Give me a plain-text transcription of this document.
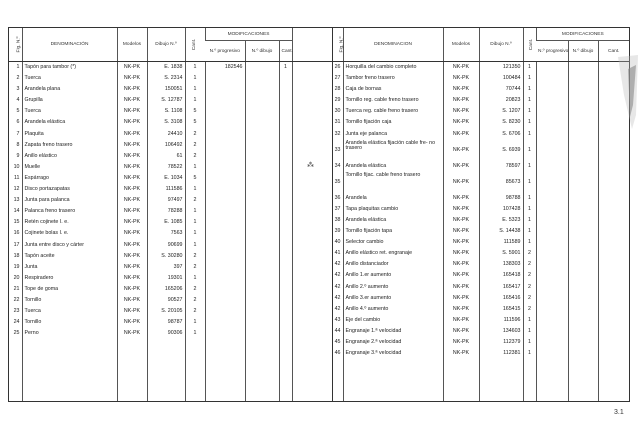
Fig. N.º	DENOMINACIÓN	Modelos	Dibujo N.º	Cant.	MODIFICACIONES			
					N.º progresivo	N.º dibujo	Cant.	
1	Tapón para tambor (*)	NK-PK	E. 1838	1	182546		1	
2	Tuerca	NK-PK	S. 2314	1				
3	Arandela plana	NK-PK	150051	1				
4	Grupilla	NK-PK	S. 12787	1				
5	Tuerca	NK-PK	S. 1108	5				
6	Arandela elástica	NK-PK	S. 3108	5				
7	Plaquita	NK-PK	24410	2				
8	Zapata freno trasero	NK-PK	106492	2				
9	Anillo elástico	NK-PK	61	2				
10	Muelle	NK-PK	78522	1				
11	Espárrago	NK-PK	E. 1034	5				
12	Disco portazapatas	NK-PK	111586	1				
13	Junta para palanca	NK-PK	97497	2				
14	Palanca freno trasero	NK-PK	78288	1				
15	Retén cojinete I. e.	NK-PK	E. 1085	1				
16	Cojinete bolas I. e.	NK-PK	7563	1				
17	Junta entre disco y cárter	NK-PK	90699	1				
18	Tapón aceite	NK-PK	S. 30280	2				
19	Junta	NK-PK	397	2				
20	Respiradero	NK-PK	19301	1				
21	Tope de goma	NK-PK	165206	2				
22	Tornillo	NK-PK	90527	2				
23	Tuerca	NK-PK	S. 20105	2				
24	Tornillo	NK-PK	98787	1				
25	Perno	NK-PK	90306	1				

Fig. N.º	DENOMINACION	Modelos	Dibujo N.º	Cant.	MODIFICACIONES		
					N.º progresivo	N.º dibujo	Cant.
26	Horquilla del cambio completo	NK-PK	121350	1			
27	Tambor freno trasero	NK-PK	100484	1			
28	Caja de bornas	NK-PK	70744	1			
29	Tornillo reg. cable freno trasero	NK-PK	20823	1			
30	Tuerca reg. cable freno trasero	NK-PK	S. 1207	1			
31	Tornillo fijación caja	NK-PK	S. 8230	1			
32	Junta eje palanca	NK-PK	S. 6706	1			
33	Arandela elástica fijación cable fre- no trasero	NK-PK	S. 6939	1			
34	Arandela elástica	NK-PK	78597	1			
35	Tornillo fijac. cable freno trasero	NK-PK	85673	1			
36	Arandela	NK-PK	98788	1			
37	Tapa plaquitas cambio	NK-PK	107428	1			
38	Arandela elástica	NK-PK	E. 5323	1			
39	Tornillo fijación tapa	NK-PK	S. 14438	1			
40	Selector cambio	NK-PK	111589	1			
41	Anillo elástico ret. engranaje	NK-PK	S. 5901	2			
42	Anillo distanciador	NK-PK	138303	2			
42	Anillo 1.er aumento	NK-PK	165418	2			
42	Anillo 2.º aumento	NK-PK	165417	2			
42	Anillo 3.er aumento	NK-PK	165416	2			
42	Anillo 4.º aumento	NK-PK	165415	2			
43	Eje del cambio	NK-PK	111596	1			
44	Engranaje 1.ª velocidad	NK-PK	134603	1			
45	Engranaje 2.ª velocidad	NK-PK	112379	1			
46	Engranaje 3.ª velocidad	NK-PK	112381	1			

⁂
3.1
